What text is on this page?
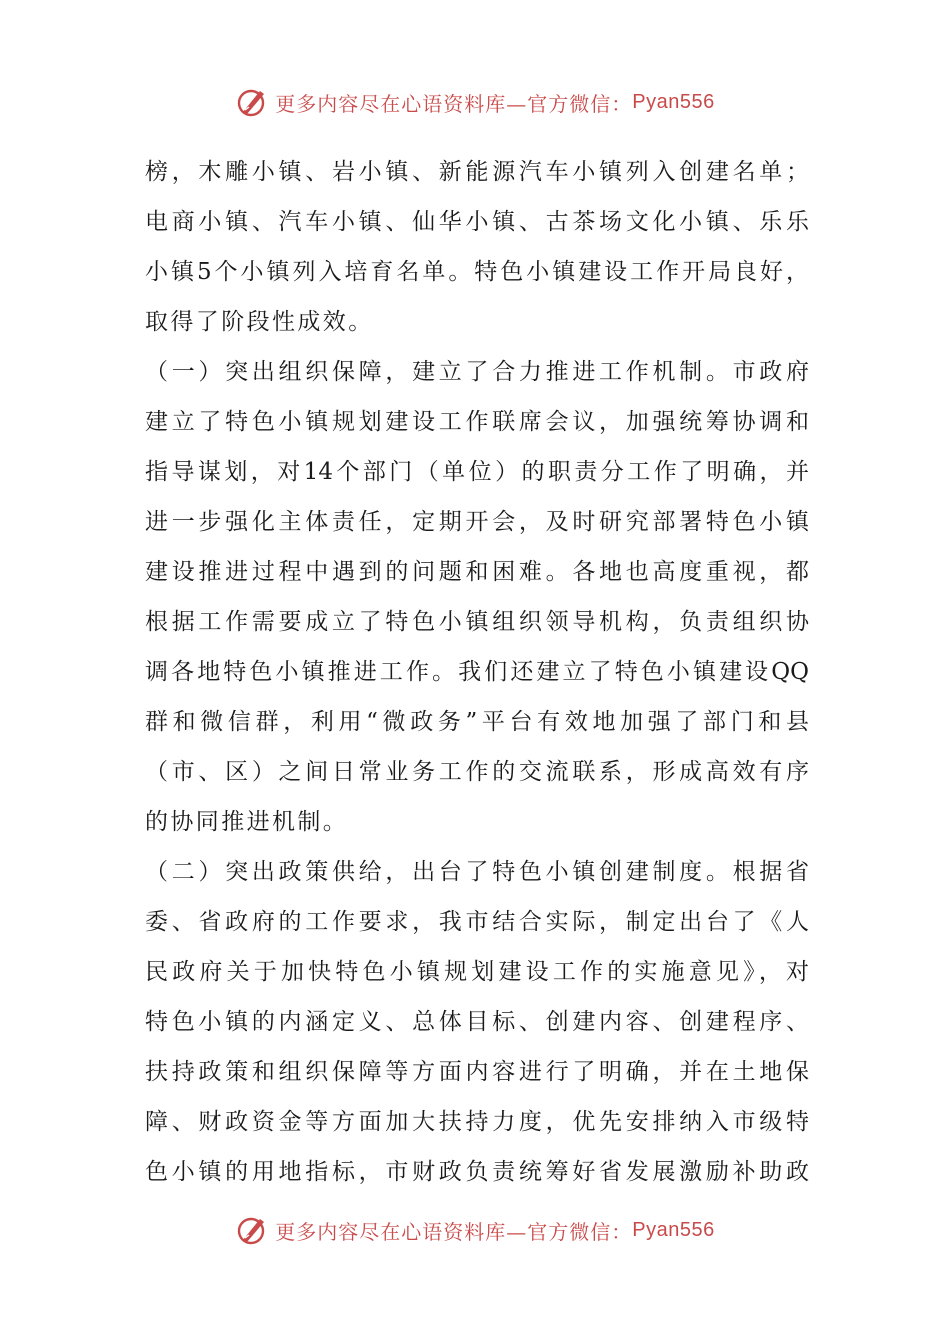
更多内容尽在心语资料库—官方微信： Pyan556
榜，木雕小镇、岩小镇、新能源汽车小镇列入创建名单；
电商小镇、汽车小镇、仙华小镇、古茶场文化小镇、乐乐
小镇5个小镇列入培育名单。特色小镇建设工作开局良好，
取得了阶段性成效。
（一）突出组织保障，建立了合力推进工作机制。市政府
建立了特色小镇规划建设工作联席会议，加强统筹协调和
指导谋划，对14个部门（单位）的职责分工作了明确，并
进一步强化主体责任，定期开会，及时研究部署特色小镇
建设推进过程中遇到的问题和困难。各地也高度重视，都
根据工作需要成立了特色小镇组织领导机构，负责组织协
调各地特色小镇推进工作。我们还建立了特色小镇建设QQ
群和微信群，利用“微政务”平台有效地加强了部门和县
（市、区）之间日常业务工作的交流联系，形成高效有序
的协同推进机制。
（二）突出政策供给，出台了特色小镇创建制度。根据省
委、省政府的工作要求，我市结合实际，制定出台了《人
民政府关于加快特色小镇规划建设工作的实施意见》，对
特色小镇的内涵定义、总体目标、创建内容、创建程序、
扶持政策和组织保障等方面内容进行了明确，并在土地保
障、财政资金等方面加大扶持力度，优先安排纳入市级特
色小镇的用地指标，市财政负责统筹好省发展激励补助政
更多内容尽在心语资料库—官方微信： Pyan556
